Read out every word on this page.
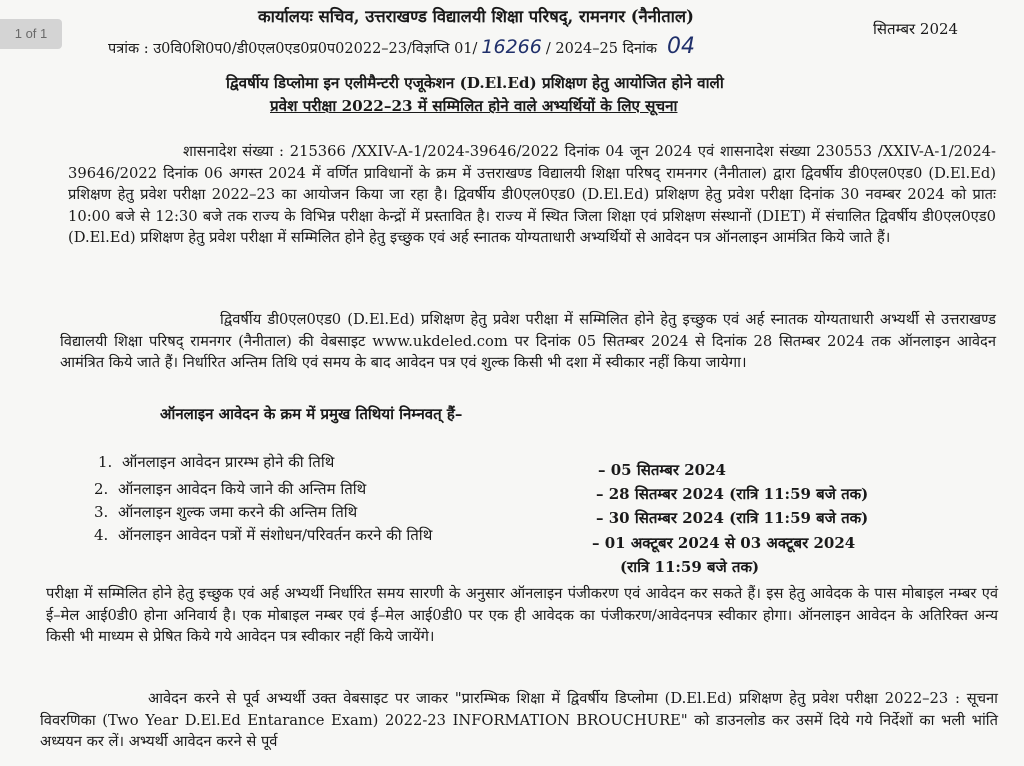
1 of 1
कार्यालयः सचिव, उत्तराखण्ड विद्यालयी शिक्षा परिषद्, रामनगर (नैनीताल)
सितम्बर 2024
पत्रांक : उ0वि0शि0प0/डी0एल0एड0प्र0प02022–23/विज्ञप्ति 01/ 16266 / 2024–25 दिनांक 04
द्विवर्षीय डिप्लोमा इन एलीमैन्टरी एजूकेशन (D.El.Ed) प्रशिक्षण हेतु आयोजित होने वाली
प्रवेश परीक्षा 2022–23 में सम्मिलित होने वाले अभ्यर्थियों के लिए सूचना
शासनादेश संख्या : 215366 /XXIV-A-1/2024-39646/2022 दिनांक 04 जून 2024 एवं शासनादेश संख्या 230553 /XXIV-A-1/2024-39646/2022 दिनांक 06 अगस्त 2024 में वर्णित प्राविधानों के क्रम में उत्तराखण्ड विद्यालयी शिक्षा परिषद् रामनगर (नैनीताल) द्वारा द्विवर्षीय डी0एल0एड0 (D.El.Ed) प्रशिक्षण हेतु प्रवेश परीक्षा 2022–23 का आयोजन किया जा रहा है। द्विवर्षीय डी0एल0एड0 (D.El.Ed) प्रशिक्षण हेतु प्रवेश परीक्षा दिनांक 30 नवम्बर 2024 को प्रातः 10:00 बजे से 12:30 बजे तक राज्य के विभिन्न परीक्षा केन्द्रों में प्रस्तावित है। राज्य में स्थित जिला शिक्षा एवं प्रशिक्षण संस्थानों (DIET) में संचालित द्विवर्षीय डी0एल0एड0 (D.El.Ed) प्रशिक्षण हेतु प्रवेश परीक्षा में सम्मिलित होने हेतु इच्छुक एवं अर्ह स्नातक योग्यताधारी अभ्यर्थियों से आवेदन पत्र ऑनलाइन आमंत्रित किये जाते हैं।
द्विवर्षीय डी0एल0एड0 (D.El.Ed) प्रशिक्षण हेतु प्रवेश परीक्षा में सम्मिलित होने हेतु इच्छुक एवं अर्ह स्नातक योग्यताधारी अभ्यर्थी से उत्तराखण्ड विद्यालयी शिक्षा परिषद् रामनगर (नैनीताल) की वेबसाइट www.ukdeled.com पर दिनांक 05 सितम्बर 2024 से दिनांक 28 सितम्बर 2024 तक ऑनलाइन आवेदन आमंत्रित किये जाते हैं। निर्धारित अन्तिम तिथि एवं समय के बाद आवेदन पत्र एवं शुल्क किसी भी दशा में स्वीकार नहीं किया जायेगा।
ऑनलाइन आवेदन के क्रम में प्रमुख तिथियां निम्नवत् हैं–
1. ऑनलाइन आवेदन प्रारम्भ होने की तिथि	– 05 सितम्बर 2024
2. ऑनलाइन आवेदन किये जाने की अन्तिम तिथि	– 28 सितम्बर 2024 (रात्रि 11:59 बजे तक)
3. ऑनलाइन शुल्क जमा करने की अन्तिम तिथि	– 30 सितम्बर 2024 (रात्रि 11:59 बजे तक)
4. ऑनलाइन आवेदन पत्रों में संशोधन/परिवर्तन करने की तिथि	– 01 अक्टूबर 2024 से 03 अक्टूबर 2024
(रात्रि 11:59 बजे तक)
परीक्षा में सम्मिलित होने हेतु इच्छुक एवं अर्ह अभ्यर्थी निर्धारित समय सारणी के अनुसार ऑनलाइन पंजीकरण एवं आवेदन कर सकते हैं। इस हेतु आवेदक के पास मोबाइल नम्बर एवं ई–मेल आई0डी0 होना अनिवार्य है। एक मोबाइल नम्बर एवं ई–मेल आई0डी0 पर एक ही आवेदक का पंजीकरण/आवेदनपत्र स्वीकार होगा। ऑनलाइन आवेदन के अतिरिक्त अन्य किसी भी माध्यम से प्रेषित किये गये आवेदन पत्र स्वीकार नहीं किये जायेंगे।
आवेदन करने से पूर्व अभ्यर्थी उक्त वेबसाइट पर जाकर "प्रारम्भिक शिक्षा में द्विवर्षीय डिप्लोमा (D.El.Ed) प्रशिक्षण हेतु प्रवेश परीक्षा 2022–23 : सूचना विवरणिका (Two Year D.El.Ed Entarance Exam) 2022-23 INFORMATION BROUCHURE" को डाउनलोड कर उसमें दिये गये निर्देशों का भली भांति अध्ययन कर लें। अभ्यर्थी आवेदन करने से पूर्व
